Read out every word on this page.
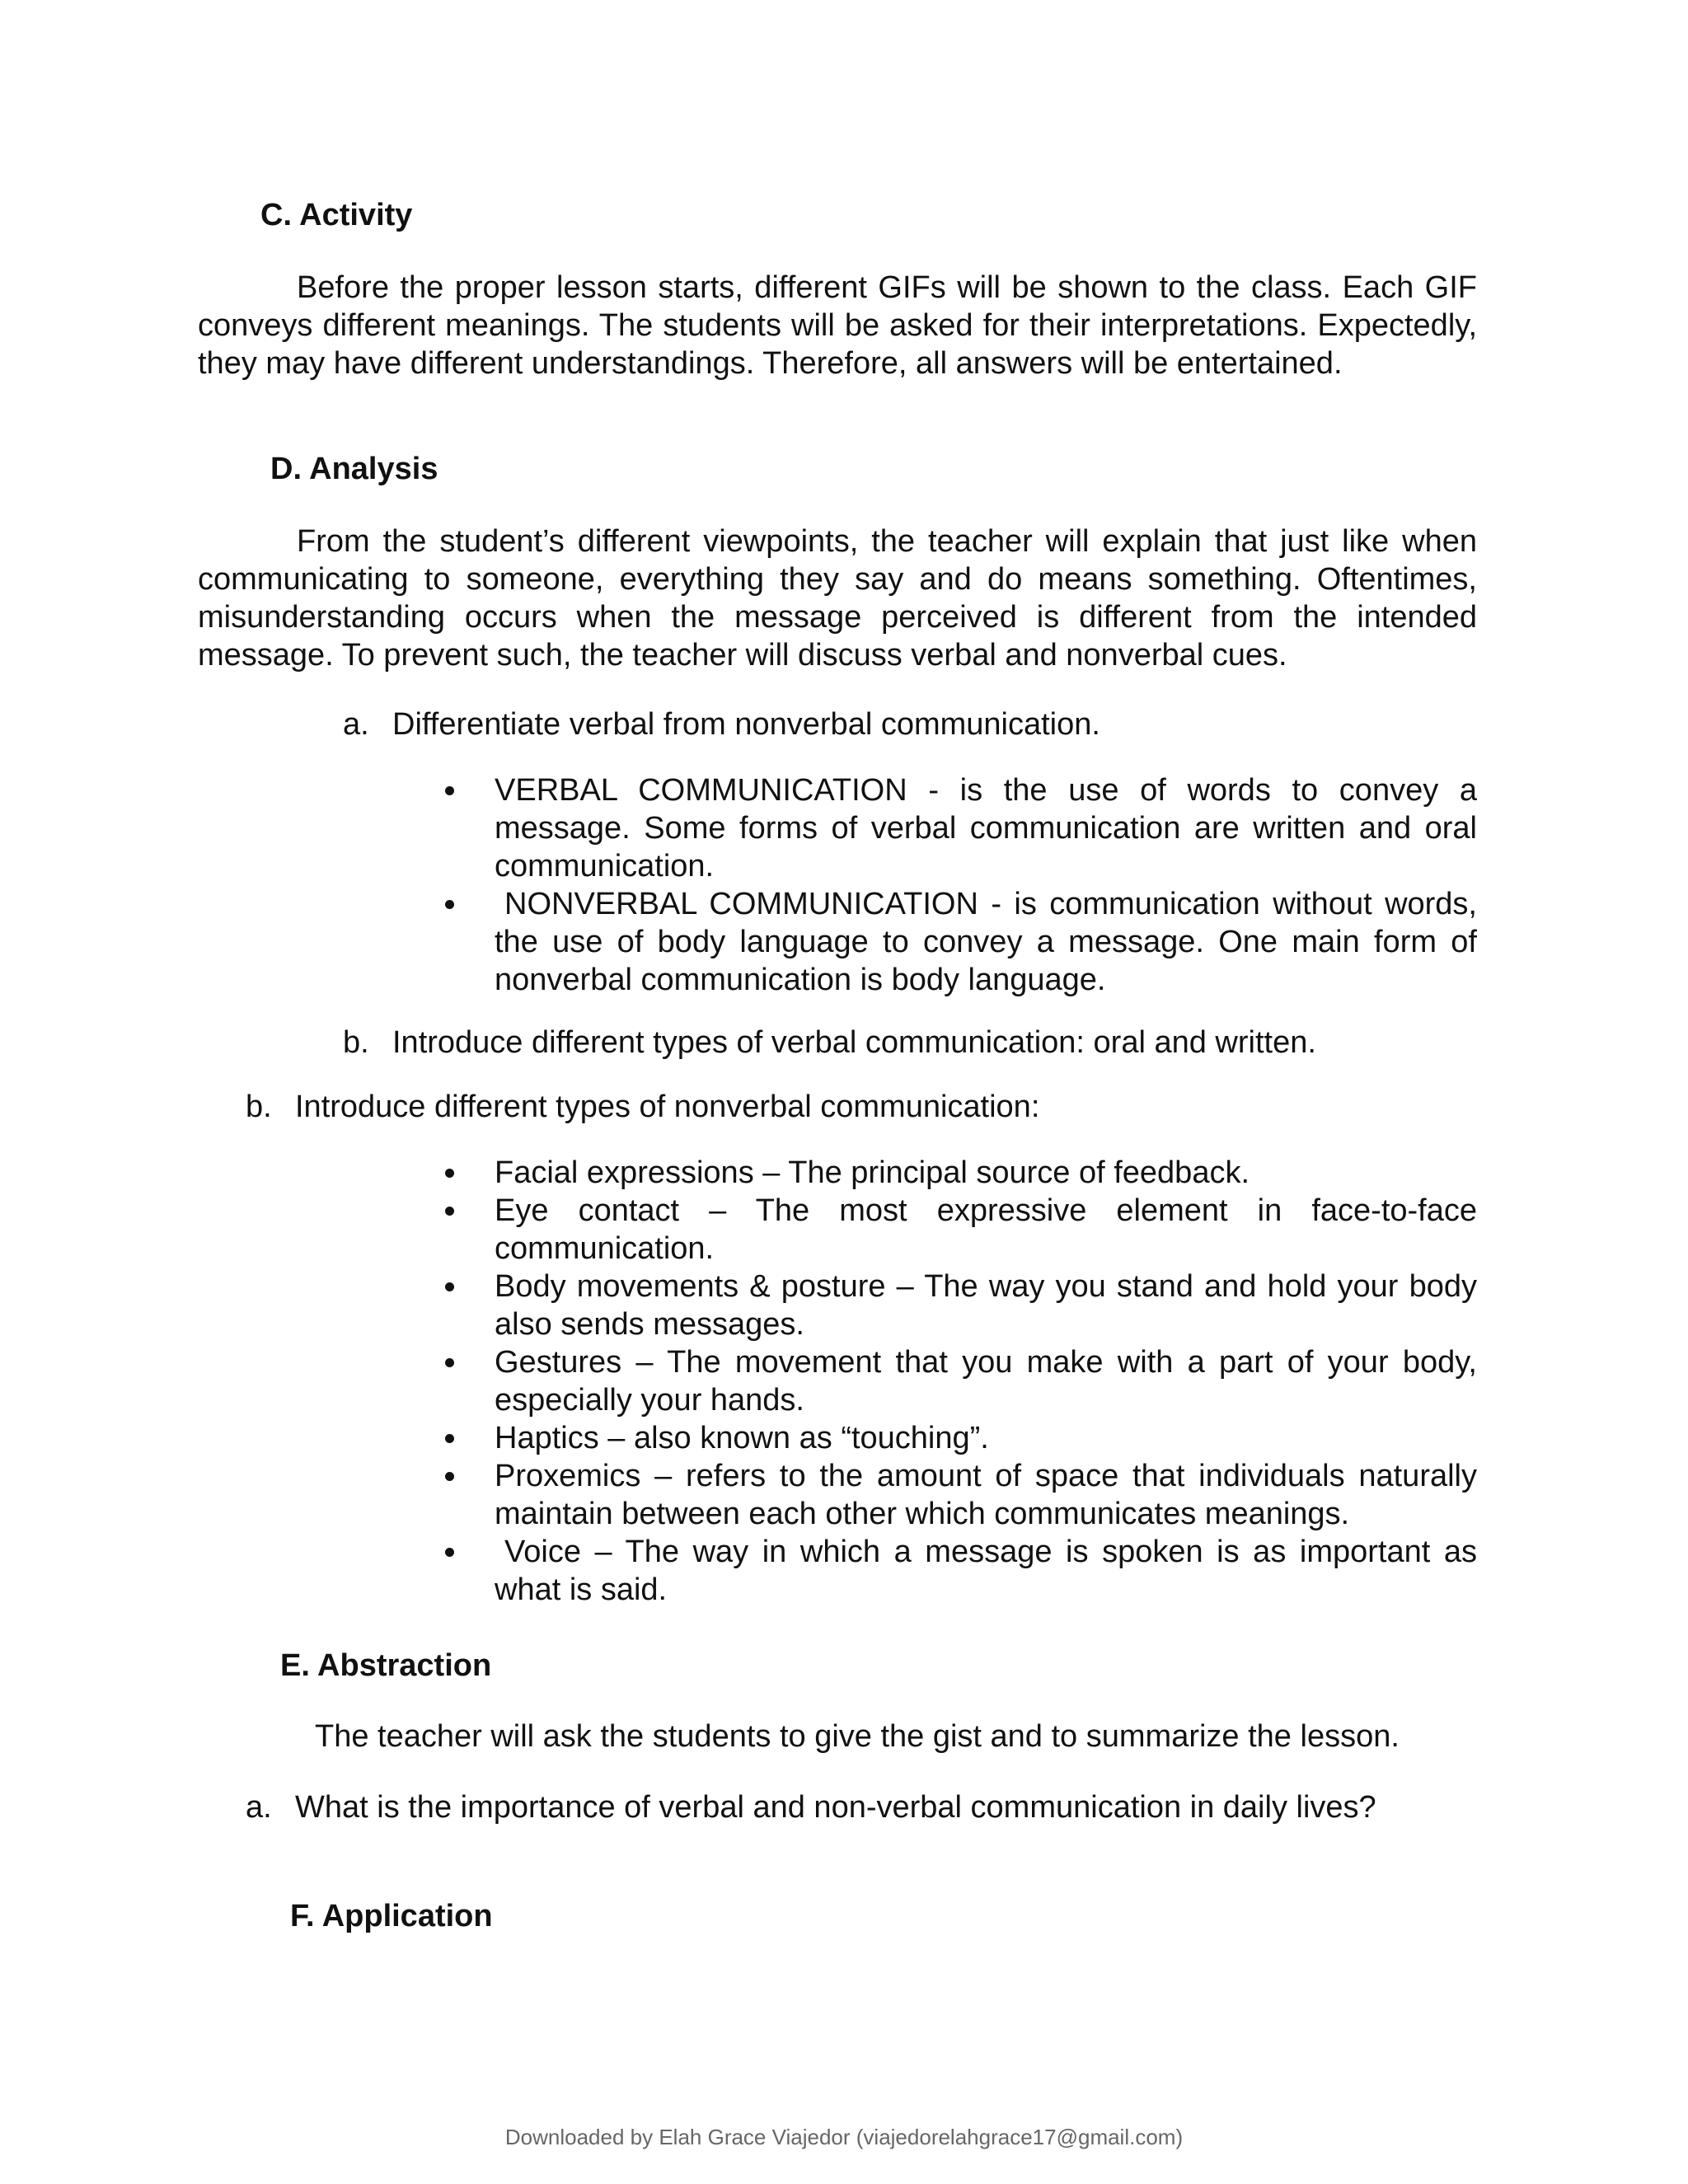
C. Activity

Before the proper lesson starts, different GIFs will be shown to the class. Each GIF conveys different meanings. The students will be asked for their interpretations. Expectedly, they may have different understandings. Therefore, all answers will be entertained.

D. Analysis

From the student’s different viewpoints, the teacher will explain that just like when communicating to someone, everything they say and do means something. Oftentimes, misunderstanding occurs when the message perceived is different from the intended message. To prevent such, the teacher will discuss verbal and nonverbal cues.

a. Differentiate verbal from nonverbal communication.
VERBAL COMMUNICATION - is the use of words to convey a message. Some forms of verbal communication are written and oral communication.
NONVERBAL COMMUNICATION - is communication without words, the use of body language to convey a message. One main form of nonverbal communication is body language.
b. Introduce different types of verbal communication: oral and written.
b. Introduce different types of nonverbal communication:
Facial expressions – The principal source of feedback.
Eye contact – The most expressive element in face-to-face communication.
Body movements & posture – The way you stand and hold your body also sends messages.
Gestures – The movement that you make with a part of your body, especially your hands.
Haptics – also known as “touching”.
Proxemics – refers to the amount of space that individuals naturally maintain between each other which communicates meanings.
Voice – The way in which a message is spoken is as important as what is said.
E. Abstraction

The teacher will ask the students to give the gist and to summarize the lesson.

a. What is the importance of verbal and non-verbal communication in daily lives?
F. Application
Downloaded by Elah Grace Viajedor (viajedorelahgrace17@gmail.com)
